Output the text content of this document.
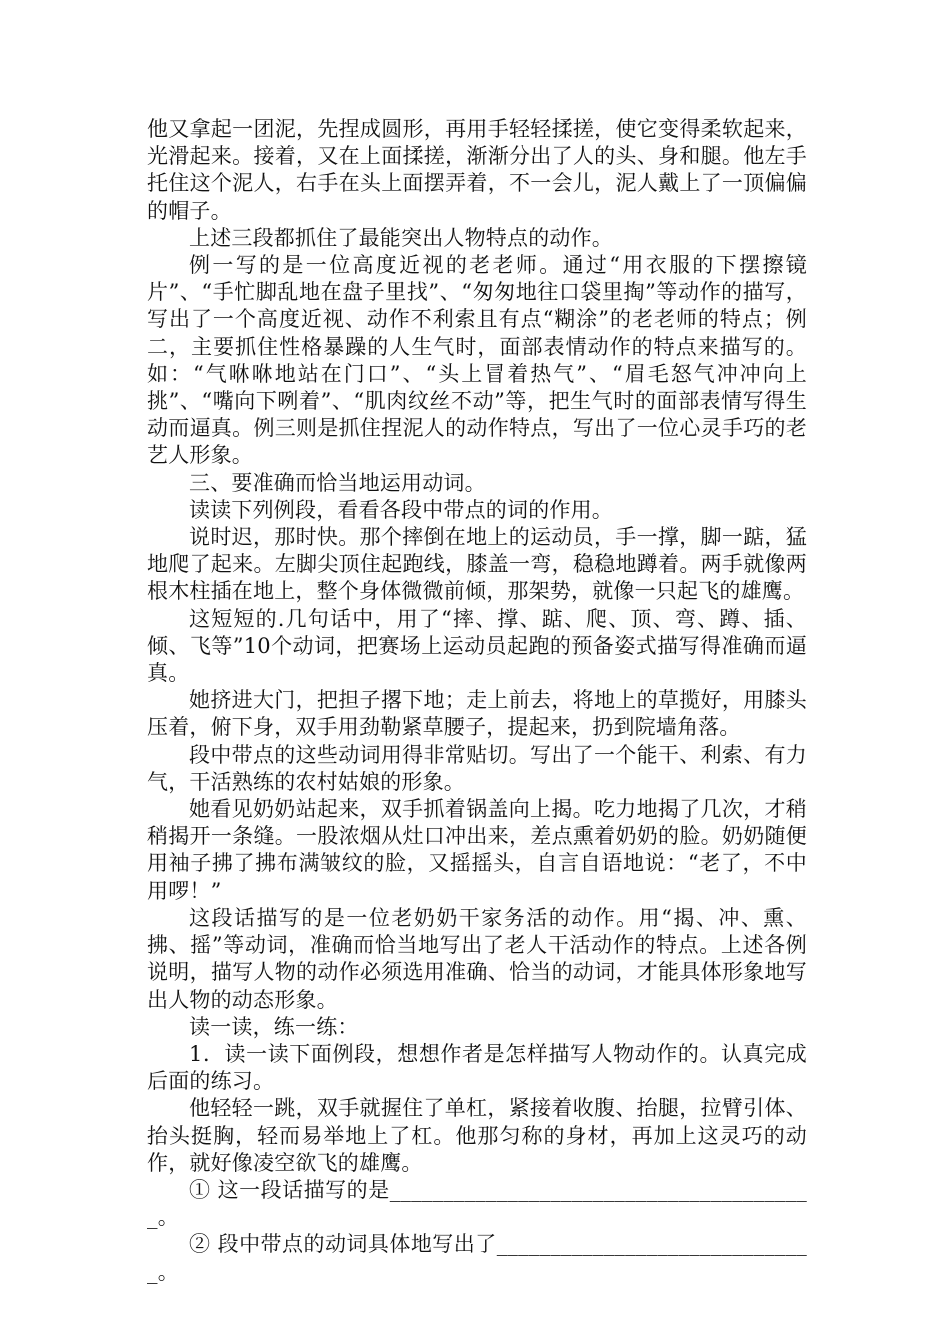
他又拿起一团泥，先捏成圆形，再用手轻轻揉搓，使它变得柔软起来，光滑起来。接着，又在上面揉搓，渐渐分出了人的头、身和腿。他左手托住这个泥人，右手在头上面摆弄着，不一会儿，泥人戴上了一顶偏偏的帽子。

上述三段都抓住了最能突出人物特点的动作。

例一写的是一位高度近视的老老师。通过“用衣服的下摆擦镜片”、“手忙脚乱地在盘子里找”、“匆匆地往口袋里掏”等动作的描写，写出了一个高度近视、动作不利索且有点“糊涂”的老老师的特点；例二，主要抓住性格暴躁的人生气时，面部表情动作的特点来描写的。如：“气咻咻地站在门口”、“头上冒着热气”、“眉毛怒气冲冲向上挑”、“嘴向下咧着”、“肌肉纹丝不动”等，把生气时的面部表情写得生动而逼真。例三则是抓住捏泥人的动作特点，写出了一位心灵手巧的老艺人形象。

三、要准确而恰当地运用动词。

读读下列例段，看看各段中带点的词的作用。

说时迟，那时快。那个摔倒在地上的运动员，手一撑，脚一踮，猛地爬了起来。左脚尖顶住起跑线，膝盖一弯，稳稳地蹲着。两手就像两根木柱插在地上，整个身体微微前倾，那架势，就像一只起飞的雄鹰。

这短短的.几句话中，用了“摔、撑、踮、爬、顶、弯、蹲、插、倾、飞等”10个动词，把赛场上运动员起跑的预备姿式描写得准确而逼真。

她挤进大门，把担子撂下地；走上前去，将地上的草揽好，用膝头压着，俯下身，双手用劲勒紧草腰子，提起来，扔到院墙角落。

段中带点的这些动词用得非常贴切。写出了一个能干、利索、有力气，干活熟练的农村姑娘的形象。

她看见奶奶站起来，双手抓着锅盖向上揭。吃力地揭了几次，才稍稍揭开一条缝。一股浓烟从灶口冲出来，差点熏着奶奶的脸。奶奶随便用袖子拂了拂布满皱纹的脸，又摇摇头，自言自语地说：“老了，不中用啰！”

这段话描写的是一位老奶奶干家务活的动作。用“揭、冲、熏、拂、摇”等动词，准确而恰当地写出了老人干活动作的特点。上述各例说明，描写人物的动作必须选用准确、恰当的动词，才能具体形象地写出人物的动态形象。

读一读，练一练：

1．读一读下面例段，想想作者是怎样描写人物动作的。认真完成后面的练习。

他轻轻一跳，双手就握住了单杠，紧接着收腹、抬腿，拉臂引体、抬头挺胸，轻而易举地上了杠。他那匀称的身材，再加上这灵巧的动作，就好像凌空欲飞的雄鹰。

① 这一段话描写的是________________________________________。

② 段中带点的动词具体地写出了______________________________。
